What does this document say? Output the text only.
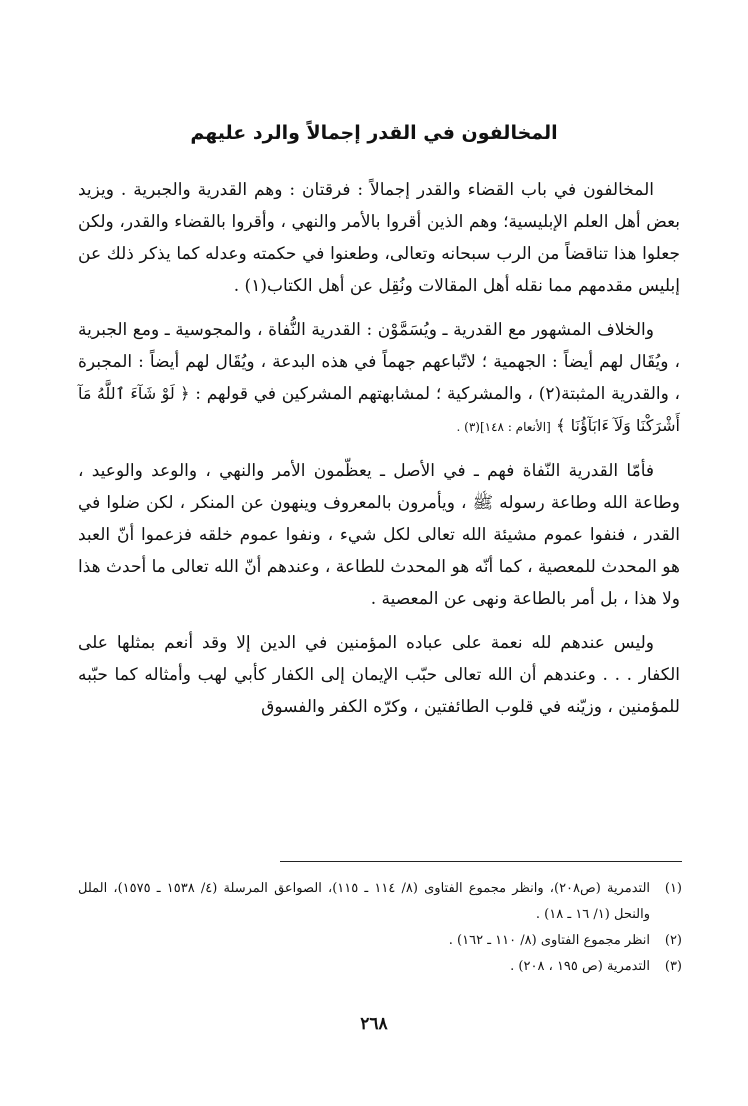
المخالفون في القدر إجمالاً والرد عليهم

المخالفون في باب القضاء والقدر إجمالاً : فرقتان : وهم القدرية والجبرية . ويزيد بعض أهل العلم الإبليسية؛ وهم الذين أقروا بالأمر والنهي ، وأقروا بالقضاء والقدر، ولكن جعلوا هذا تناقضاً من الرب سبحانه وتعالى، وطعنوا في حكمته وعدله كما يذكر ذلك عن إبليس مقدمهم مما نقله أهل المقالات ونُقِل عن أهل الكتاب(١) .

والخلاف المشهور مع القدرية ـ ويُسَمَّوْن : القدرية النُّفاة ، والمجوسية ـ ومع الجبرية ، ويُقَال لهم أيضاً : الجهمية ؛ لاتّباعهم جهماً في هذه البدعة ، ويُقَال لهم أيضاً : المجبرة ، والقدرية المثبتة(٢) ، والمشركية ؛ لمشابهتهم المشركين في قولهم : ﴿ لَوْ شَآءَ ٱللَّهُ مَآ أَشْرَكْنَا وَلَآ ءَابَآؤُنَا ﴾ [الأنعام : ١٤٨](٣) .

فأمّا القدرية النّفاة فهم ـ في الأصل ـ يعظّمون الأمر والنهي ، والوعد والوعيد ، وطاعة الله وطاعة رسوله ﷺ ، ويأمرون بالمعروف وينهون عن المنكر ، لكن ضلوا في القدر ، فنفوا عموم مشيئة الله تعالى لكل شيء ، ونفوا عموم خلقه فزعموا أنّ العبد هو المحدث للمعصية ، كما أنّه هو المحدث للطاعة ، وعندهم أنّ الله تعالى ما أحدث هذا ولا هذا ، بل أمر بالطاعة ونهى عن المعصية .

وليس عندهم لله نعمة على عباده المؤمنين في الدين إلا وقد أنعم بمثلها على الكفار . . . وعندهم أن الله تعالى حبّب الإيمان إلى الكفار كأبي لهب وأمثاله كما حبّبه للمؤمنين ، وزيّنه في قلوب الطائفتين ، وكرّه الكفر والفسوق

(١)
التدمرية (ص٢٠٨)، وانظر مجموع الفتاوى (٨/ ١١٤ ـ ١١٥)، الصواعق المرسلة (٤/ ١٥٣٨ ـ ١٥٧٥)، الملل والنحل (١/ ١٦ ـ ١٨) .

(٢)
انظر مجموع الفتاوى (٨/ ١١٠ ـ ١٦٢) .

(٣)
التدمرية (ص ١٩٥ ، ٢٠٨) .

٢٦٨
